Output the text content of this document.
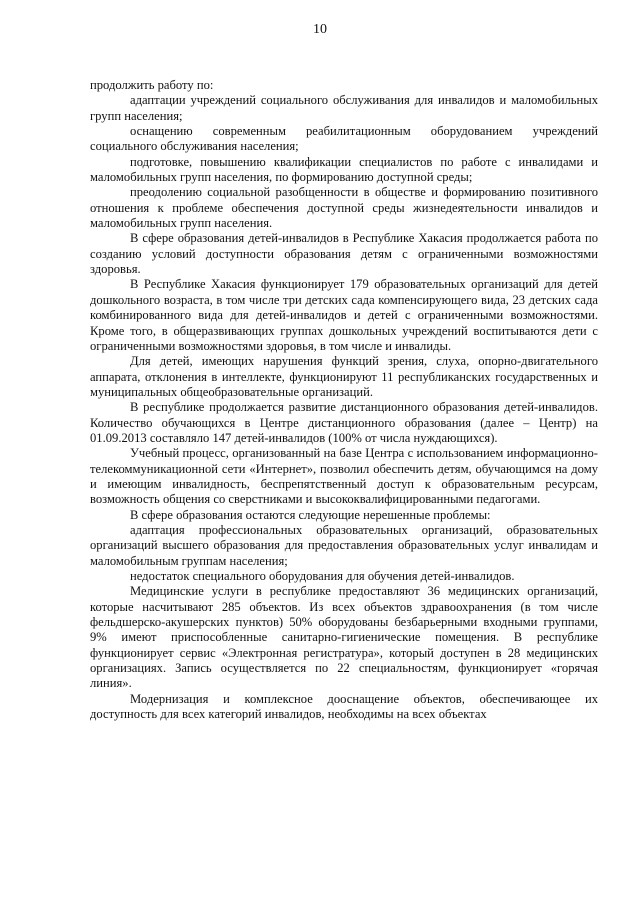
10

продолжить работу по:

адаптации учреждений социального обслуживания для инвалидов и маломобильных групп населения;

оснащению современным реабилитационным оборудованием учреждений социального обслуживания населения;

подготовке, повышению квалификации специалистов по работе с инвалидами и маломобильных групп населения, по формированию доступной среды;

преодолению социальной разобщенности в обществе и формированию позитивного отношения к проблеме обеспечения доступной среды жизнедеятельности инвалидов и маломобильных групп населения.

В сфере образования детей-инвалидов в Республике Хакасия продолжается работа по созданию условий доступности образования детям с ограниченными возможностями здоровья.

В Республике Хакасия функционирует 179 образовательных организаций для детей дошкольного возраста, в том числе три детских сада компенсирующего вида, 23 детских сада комбинированного вида для детей-инвалидов и детей с ограниченными возможностями. Кроме того, в общеразвивающих группах дошкольных учреждений воспитываются дети с ограниченными возможностями здоровья, в том числе и инвалиды.

Для детей, имеющих нарушения функций зрения, слуха, опорно-двигательного аппарата, отклонения в интеллекте, функционируют 11 республиканских государственных и муниципальных общеобразовательные организаций.

В республике продолжается развитие дистанционного образования детей-инвалидов. Количество обучающихся в Центре дистанционного образования (далее – Центр) на 01.09.2013 составляло 147 детей-инвалидов (100% от числа нуждающихся).

Учебный процесс, организованный на базе Центра с использованием информационно-телекоммуникационной сети «Интернет», позволил обеспечить детям, обучающимся на дому и имеющим инвалидность, беспрепятственный доступ к образовательным ресурсам, возможность общения со сверстниками и высококвалифицированными педагогами.

В сфере образования остаются следующие нерешенные проблемы:

адаптация профессиональных образовательных организаций, образовательных организаций высшего образования для предоставления образовательных услуг инвалидам и маломобильным группам населения;

недостаток специального оборудования для обучения детей-инвалидов.

Медицинские услуги в республике предоставляют 36 медицинских организаций, которые насчитывают 285 объектов. Из всех объектов здравоохранения (в том числе фельдшерско-акушерских пунктов) 50% оборудованы безбарьерными входными группами, 9% имеют приспособленные санитарно-гигиенические помещения. В республике функционирует сервис «Электронная регистратура», который доступен в 28 медицинских организациях. Запись осуществляется по 22 специальностям, функционирует «горячая линия».

Модернизация и комплексное дооснащение объектов, обеспечивающее их доступность для всех категорий инвалидов, необходимы на всех объектах
